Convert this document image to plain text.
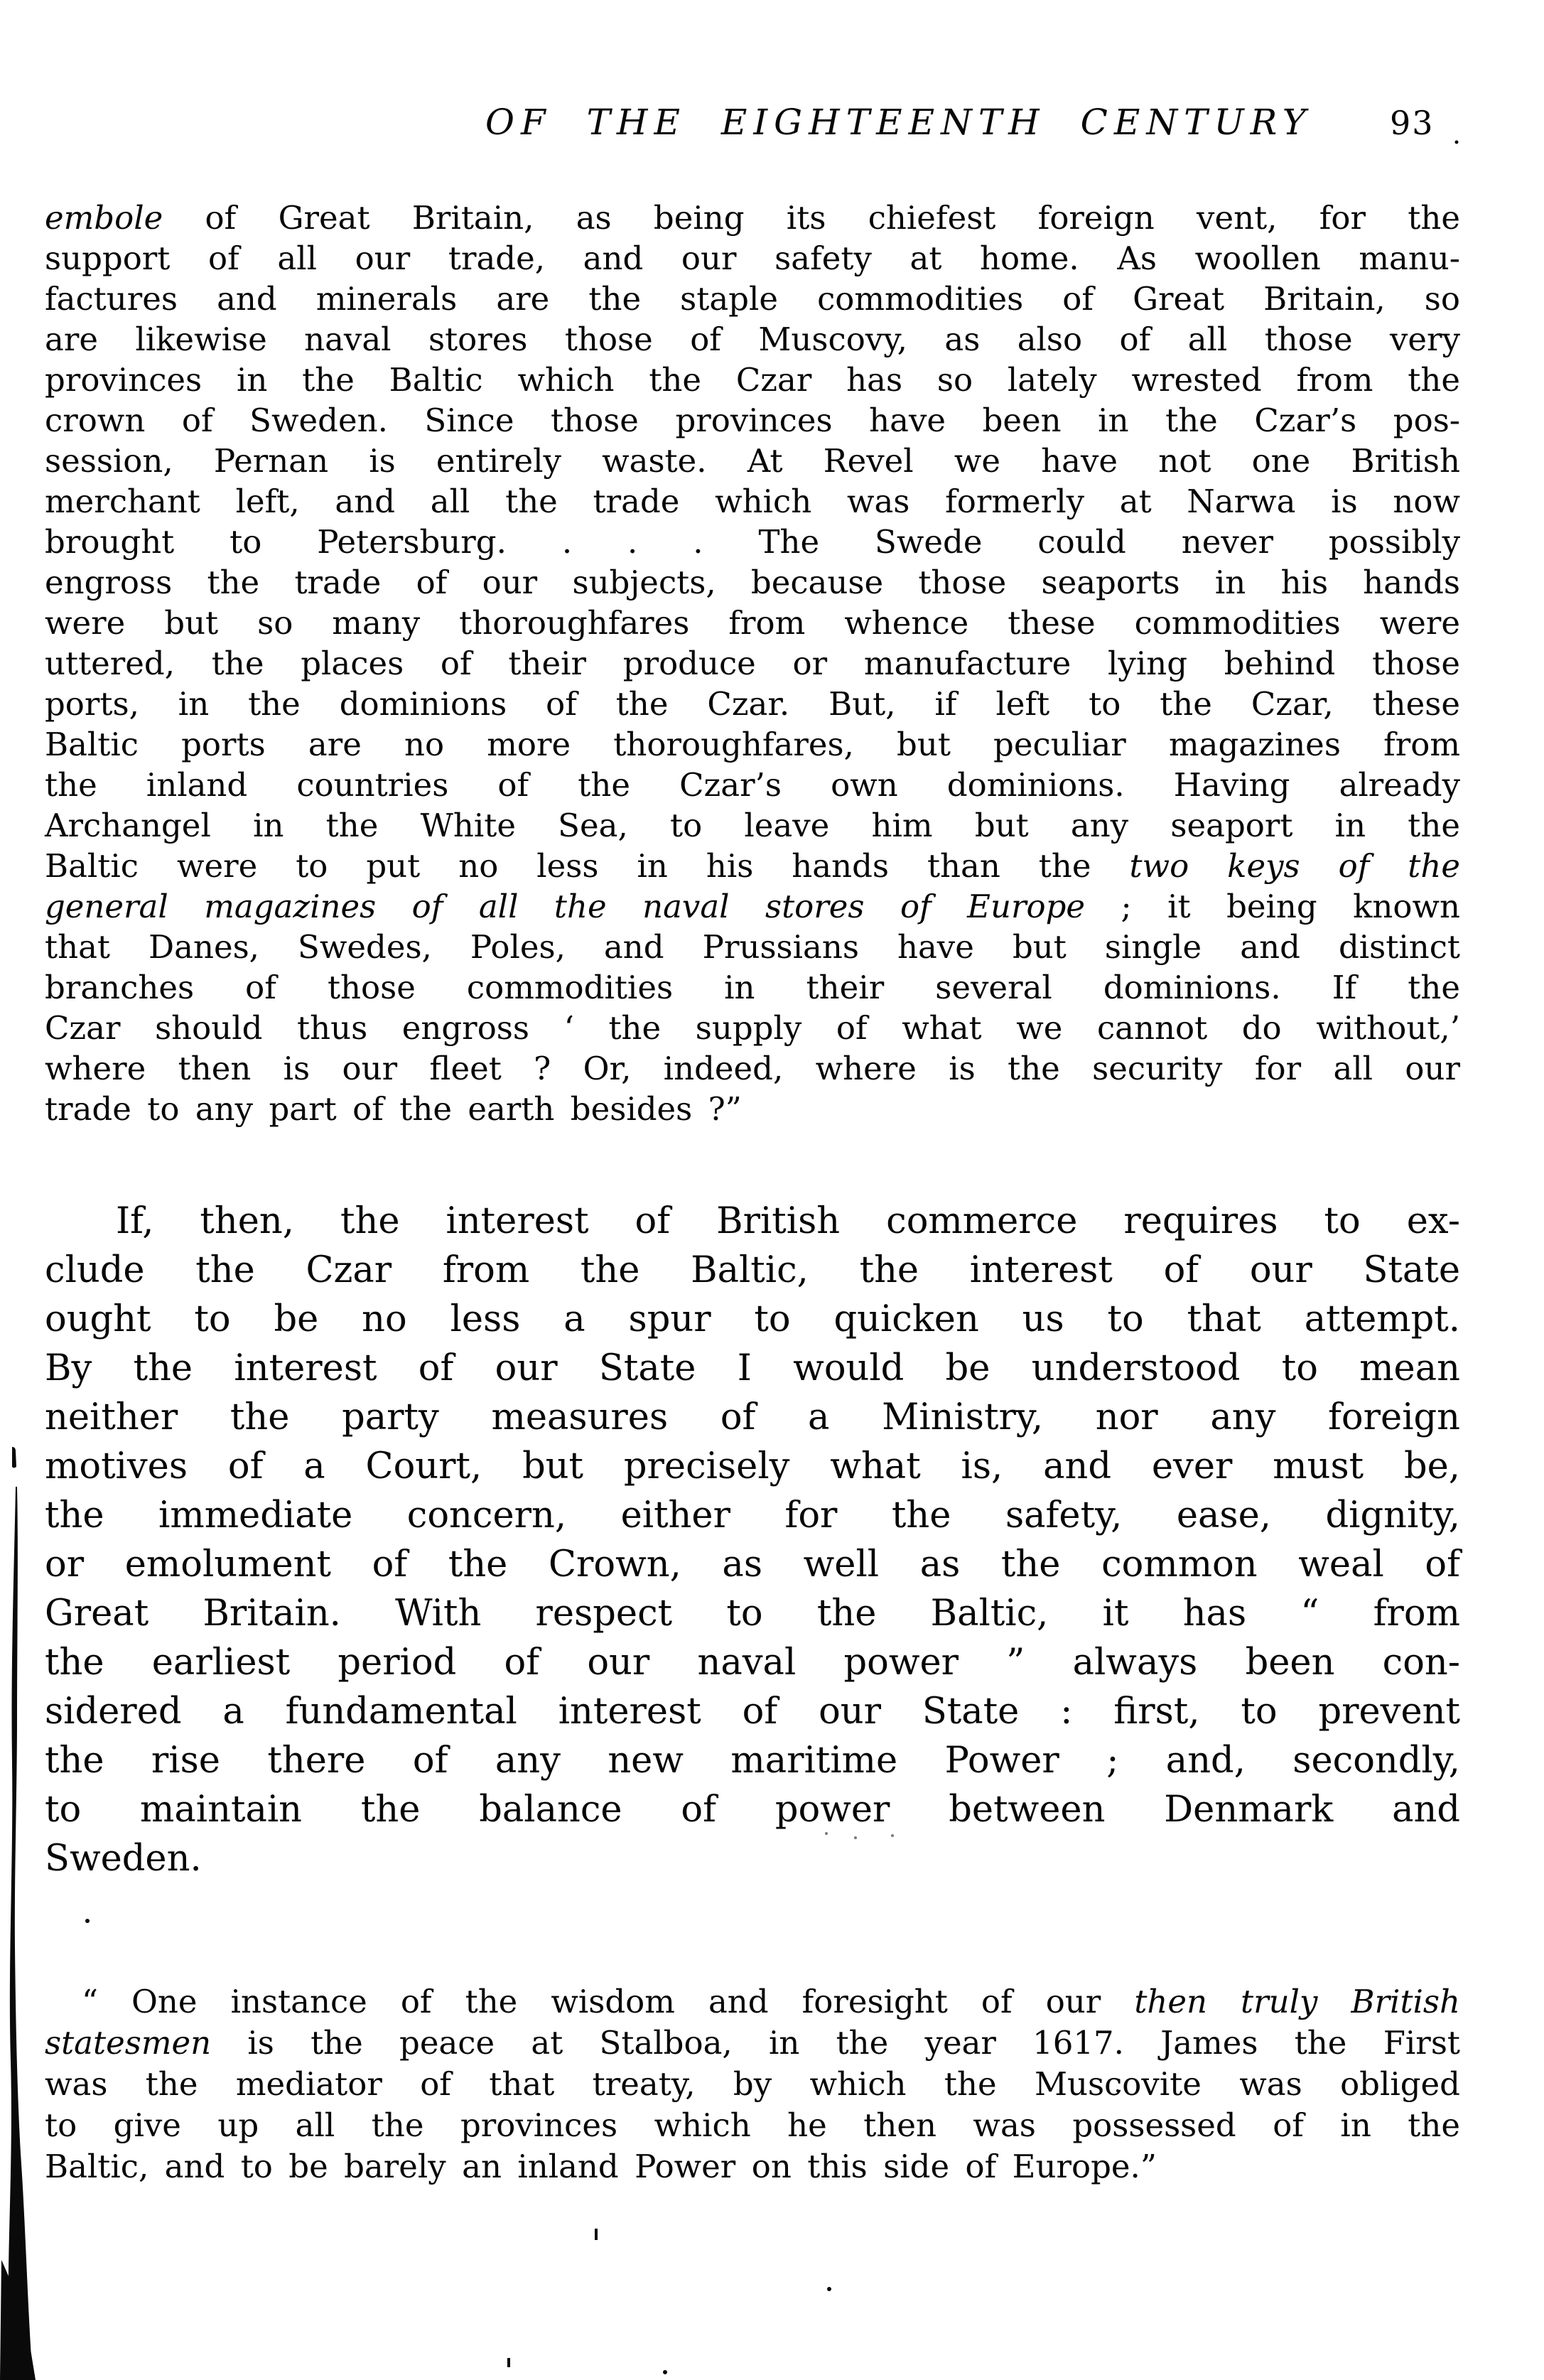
OF THE EIGHTEENTH CENTURY 93
embole of Great Britain, as being its chiefest foreign vent, for the
support of all our trade, and our safety at home. As woollen manu-
factures and minerals are the staple commodities of Great Britain, so
are likewise naval stores those of Muscovy, as also of all those very
provinces in the Baltic which the Czar has so lately wrested from the
crown of Sweden. Since those provinces have been in the Czar’s pos-
session, Pernan is entirely waste. At Revel we have not one British
merchant left, and all the trade which was formerly at Narwa is now
brought to Petersburg. . . . The Swede could never possibly
engross the trade of our subjects, because those seaports in his hands
were but so many thoroughfares from whence these commodities were
uttered, the places of their produce or manufacture lying behind those
ports, in the dominions of the Czar. But, if left to the Czar, these
Baltic ports are no more thoroughfares, but peculiar magazines from
the inland countries of the Czar’s own dominions. Having already
Archangel in the White Sea, to leave him but any seaport in the
Baltic were to put no less in his hands than the two keys of the
general magazines of all the naval stores of Europe ; it being known
that Danes, Swedes, Poles, and Prussians have but single and distinct
branches of those commodities in their several dominions. If the
Czar should thus engross ‘ the supply of what we cannot do without,’
where then is our fleet ? Or, indeed, where is the security for all our
trade to any part of the earth besides ?”
If, then, the interest of British commerce requires to ex-
clude the Czar from the Baltic, the interest of our State
ought to be no less a spur to quicken us to that attempt.
By the interest of our State I would be understood to mean
neither the party measures of a Ministry, nor any foreign
motives of a Court, but precisely what is, and ever must be,
the immediate concern, either for the safety, ease, dignity,
or emolument of the Crown, as well as the common weal of
Great Britain. With respect to the Baltic, it has “ from
the earliest period of our naval power ” always been con-
sidered a fundamental interest of our State : first, to prevent
the rise there of any new maritime Power ; and, secondly,
to maintain the balance of power between Denmark and
Sweden.
“ One instance of the wisdom and foresight of our then truly British
statesmen is the peace at Stalboa, in the year 1617. James the First
was the mediator of that treaty, by which the Muscovite was obliged
to give up all the provinces which he then was possessed of in the
Baltic, and to be barely an inland Power on this side of Europe.”
